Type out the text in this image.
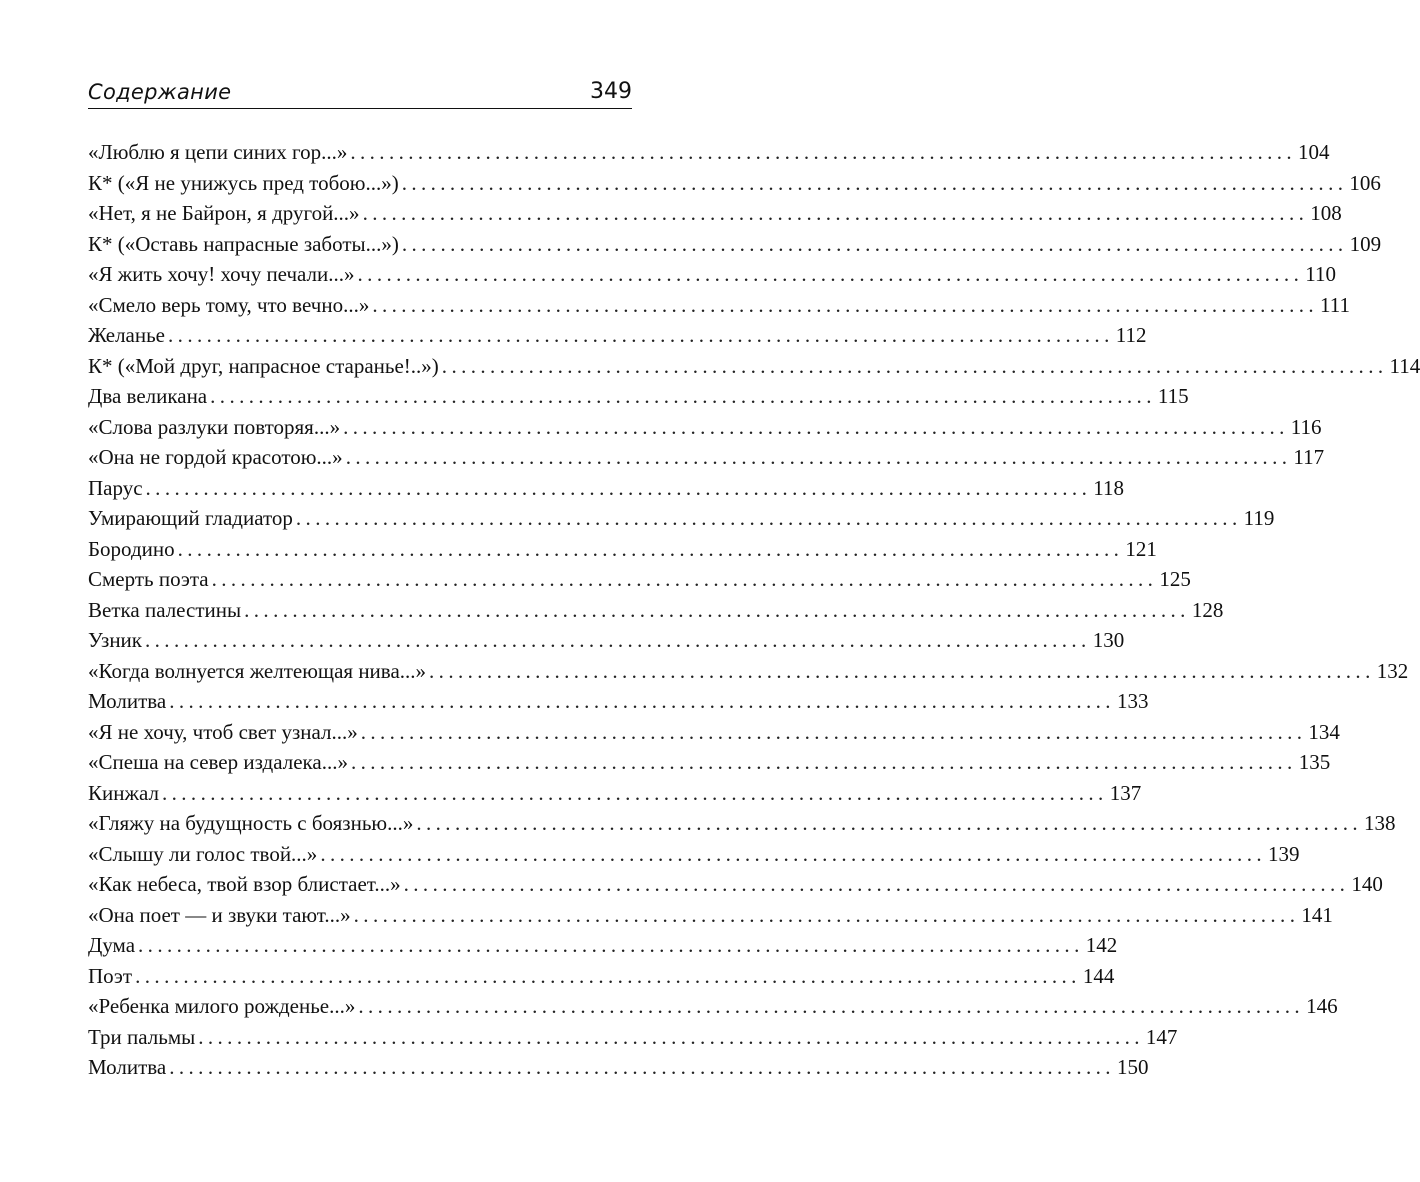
Содержание	349
«Люблю я цепи синих гор...» .................................................................................................. 104
К* («Я не унижусь пред тобою...») .................................................................................................. 106
«Нет, я не Байрон, я другой...» .................................................................................................. 108
К* («Оставь напрасные заботы...») .................................................................................................. 109
«Я жить хочу! хочу печали...» .................................................................................................. 110
«Смело верь тому, что вечно...» .................................................................................................. 111
Желанье .................................................................................................. 112
К* («Мой друг, напрасное старанье!..») .................................................................................................. 114
Два великана .................................................................................................. 115
«Слова разлуки повторяя...» .................................................................................................. 116
«Она не гордой красотою...» .................................................................................................. 117
Парус .................................................................................................. 118
Умирающий гладиатор .................................................................................................. 119
Бородино .................................................................................................. 121
Смерть поэта .................................................................................................. 125
Ветка палестины .................................................................................................. 128
Узник .................................................................................................. 130
«Когда волнуется желтеющая нива...» .................................................................................................. 132
Молитва .................................................................................................. 133
«Я не хочу, чтоб свет узнал...» .................................................................................................. 134
«Спеша на север издалека...» .................................................................................................. 135
Кинжал .................................................................................................. 137
«Гляжу на будущность с боязнью...» .................................................................................................. 138
«Слышу ли голос твой...» .................................................................................................. 139
«Как небеса, твой взор блистает...» .................................................................................................. 140
«Она поет — и звуки тают...» .................................................................................................. 141
Дума .................................................................................................. 142
Поэт .................................................................................................. 144
«Ребенка милого рожденье...» .................................................................................................. 146
Три пальмы .................................................................................................. 147
Молитва .................................................................................................. 150
